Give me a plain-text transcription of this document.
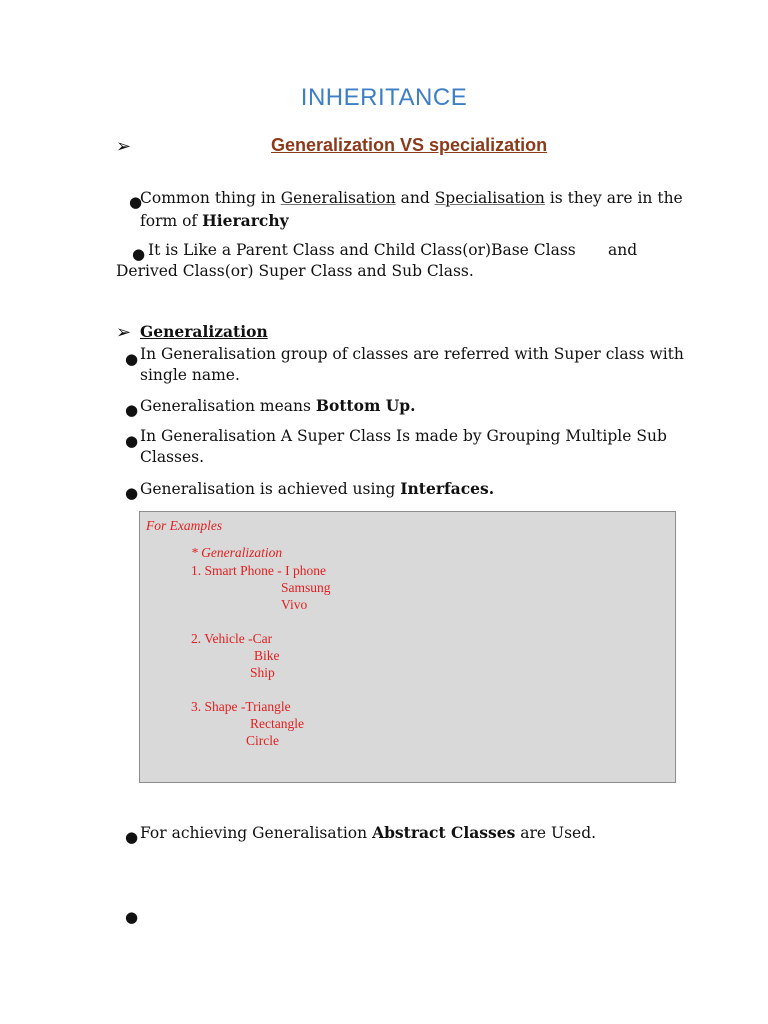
INHERITANCE
➢	Generalization VS specialization
●
Common thing in Generalisation and Specialisation is they are in the
form of Hierarchy
● It is Like a Parent Class and Child Class(or)Base Class and
Derived Class(or) Super Class and Sub Class.
➢ Generalization
● In Generalisation group of classes are referred with Super class with
single name.
● Generalisation means Bottom Up.
● In Generalisation A Super Class Is made by Grouping Multiple Sub
Classes.
● Generalisation is achieved using Interfaces.
For Examples
* Generalization
1. Smart Phone - I phone
Samsung
Vivo
2. Vehicle -Car
Bike
Ship
3. Shape -Triangle
Rectangle
Circle
● For achieving Generalisation Abstract Classes are Used.
●
